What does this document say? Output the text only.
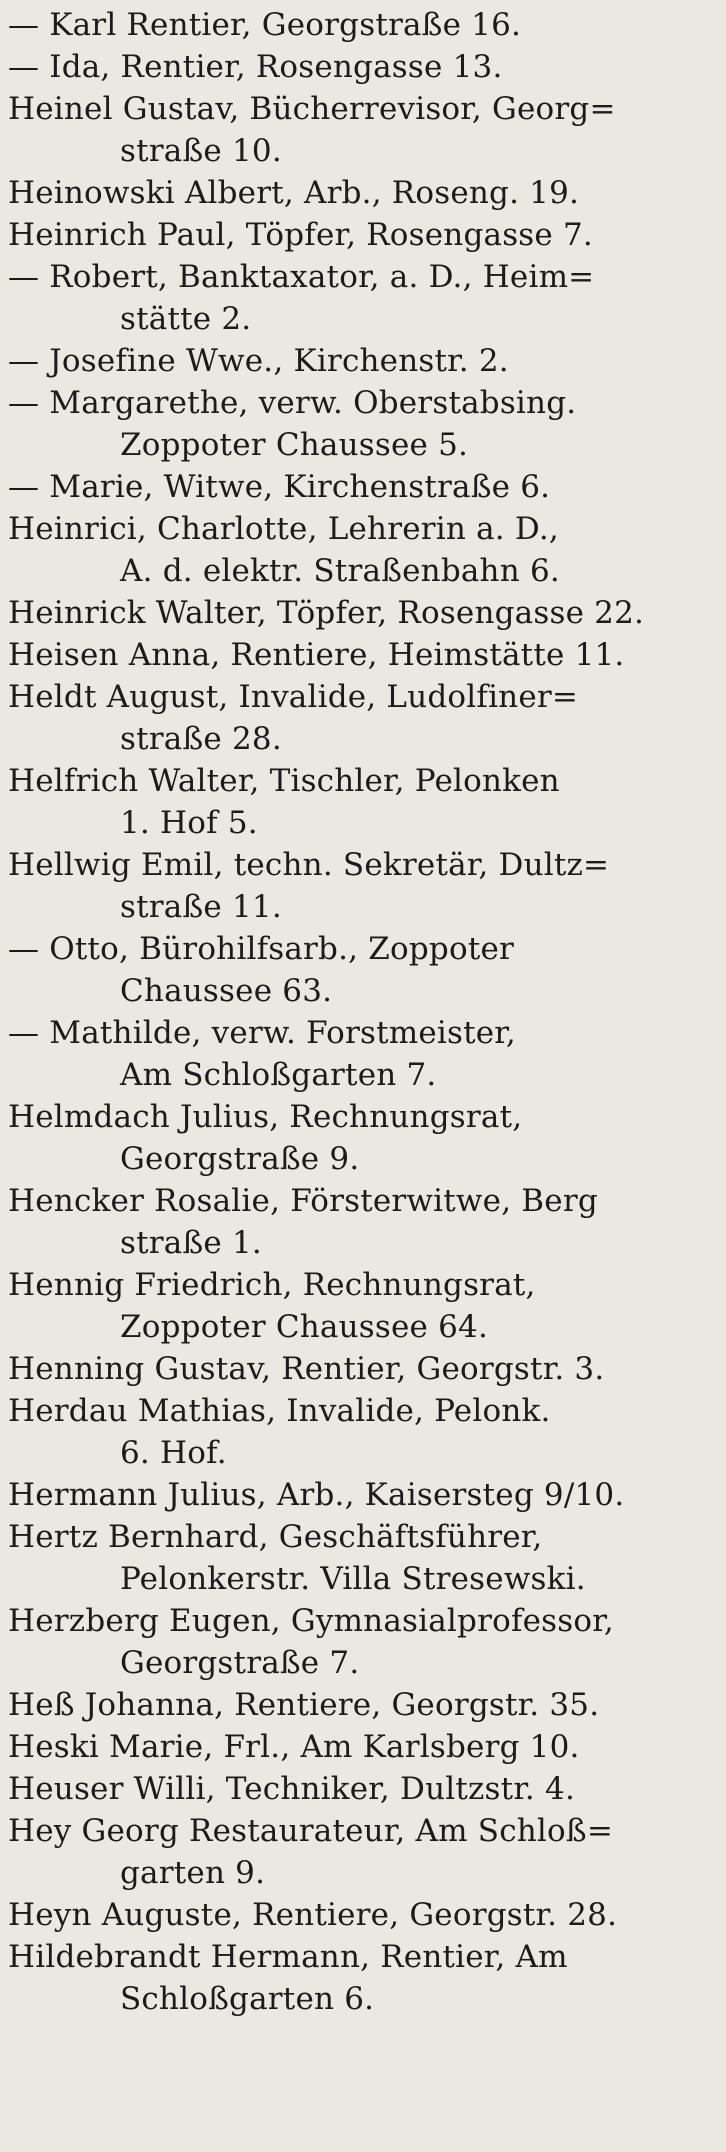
— Karl Rentier, Georgstraße 16.
— Ida, Rentier, Rosengasse 13.
Heinel Gustav, Bücherrevisor, Georg=
straße 10.
Heinowski Albert, Arb., Roseng. 19.
Heinrich Paul, Töpfer, Rosengasse 7.
— Robert, Banktaxator, a. D., Heim=
stätte 2.
— Josefine Wwe., Kirchenstr. 2.
— Margarethe, verw. Oberstabsing.
Zoppoter Chaussee 5.
— Marie, Witwe, Kirchenstraße 6.
Heinrici, Charlotte, Lehrerin a. D.,
A. d. elektr. Straßenbahn 6.
Heinrick Walter, Töpfer, Rosengasse 22.
Heisen Anna, Rentiere, Heimstätte 11.
Heldt August, Invalide, Ludolfiner=
straße 28.
Helfrich Walter, Tischler, Pelonken
1. Hof 5.
Hellwig Emil, techn. Sekretär, Dultz=
straße 11.
— Otto, Bürohilfsarb., Zoppoter
Chaussee 63.
— Mathilde, verw. Forstmeister,
Am Schloßgarten 7.
Helmdach Julius, Rechnungsrat,
Georgstraße 9.
Hencker Rosalie, Försterwitwe, Berg
straße 1.
Hennig Friedrich, Rechnungsrat,
Zoppoter Chaussee 64.
Henning Gustav, Rentier, Georgstr. 3.
Herdau Mathias, Invalide, Pelonk.
6. Hof.
Hermann Julius, Arb., Kaisersteg 9/10.
Hertz Bernhard, Geschäftsführer,
Pelonkerstr. Villa Stresewski.
Herzberg Eugen, Gymnasialprofessor,
Georgstraße 7.
Heß Johanna, Rentiere, Georgstr. 35.
Heski Marie, Frl., Am Karlsberg 10.
Heuser Willi, Techniker, Dultzstr. 4.
Hey Georg Restaurateur, Am Schloß=
garten 9.
Heyn Auguste, Rentiere, Georgstr. 28.
Hildebrandt Hermann, Rentier, Am
Schloßgarten 6.
